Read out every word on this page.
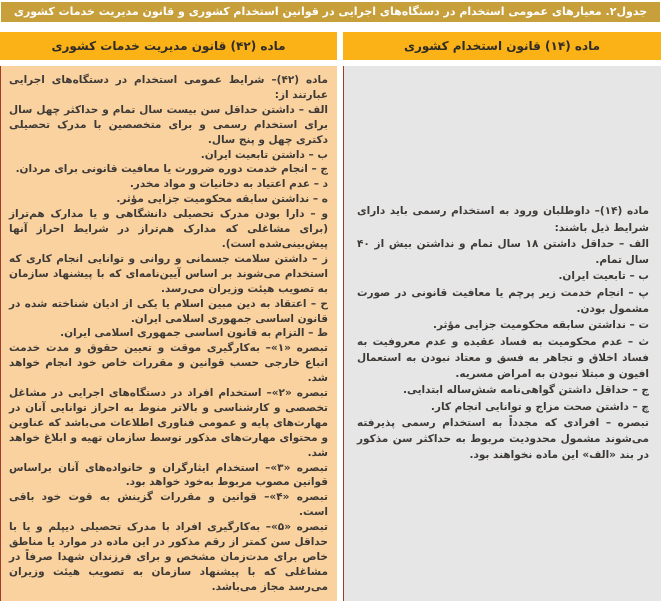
جدول۲. معیارهای عمومی استخدام در دستگاه‌های اجرایی در قوانین استخدام کشوری و قانون مدیریت خدمات کشوری
ماده (۱۴) قانون استخدام کشوری
ماده (۴۲) قانون مدیریت خدمات کشوری

ماده (۱۴)– داوطلبان ورود به استخدام رسمی باید دارای شرایط ذیل باشند:

الف – حداقل داشتن ۱۸ سال تمام و نداشتن بیش از ۴۰ سال تمام.

ب – تابعیت ایران.

پ – انجام خدمت زیر پرچم یا معافیت قانونی در صورت مشمول بودن.

ت – نداشتن سابقه محکومیت جزایی مؤثر.

ث – عدم محکومیت به فساد عقیده و عدم معروفیت به فساد اخلاق و تجاهر به فسق و معتاد نبودن به استعمال افیون و مبتلا نبودن به امراض مسریه.

ج – حداقل داشتن گواهی‌نامه شش‌ساله ابتدایی.

چ – داشتن صحت مزاج و توانایی انجام کار.

تبصره – افرادی که مجدداً به استخدام رسمی پذیرفته می‌شوند مشمول محدودیت مربوط به حداکثر سن مذکور در بند «الف» این ماده نخواهند بود.

ماده (۴۲)– شرایط عمومی استخدام در دستگاه‌های اجرایی عبارتند از:

الف – داشتن حداقل سن بیست سال تمام و حداکثر چهل سال برای استخدام رسمی و برای متخصصین با مدرک تحصیلی دکتری چهل و پنج سال.

ب – داشتن تابعیت ایران.

ج – انجام خدمت دوره ضرورت یا معافیت قانونی برای مردان.

د – عدم اعتیاد به دخانیات و مواد مخدر.

ه – نداشتن سابقه محکومیت جزایی مؤثر.

و – دارا بودن مدرک تحصیلی دانشگاهی و یا مدارک هم‌تراز (برای مشاغلی که مدارک هم‌تراز در شرایط احراز آنها پیش‌بینی‌شده است).

ز – داشتن سلامت جسمانی و روانی و توانایی انجام کاری که استخدام می‌شوند بر اساس آیین‌نامه‌ای که با پیشنهاد سازمان به تصویب هیئت وزیران می‌رسد.

ح – اعتقاد به دین مبین اسلام یا یکی از ادیان شناخته شده در قانون اساسی جمهوری اسلامی ایران.

ط – التزام به قانون اساسی جمهوری اسلامی ایران.

تبصره «۱»– به‌کارگیری موقت و تعیین حقوق و مدت خدمت اتباع خارجی حسب قوانین و مقررات خاص خود انجام خواهد شد.

تبصره «۲»– استخدام افراد در دستگاه‌های اجرایی در مشاغل تخصصی و کارشناسی و بالاتر منوط به احراز توانایی آنان در مهارت‌های پایه و عمومی فناوری اطلاعات می‌باشد که عناوین و محتوای مهارت‌های مذکور توسط سازمان تهیه و ابلاغ خواهد شد.

تبصره «۳»– استخدام ایثارگران و خانواده‌های آنان براساس قوانین مصوب مربوط به‌خود خواهد بود.

تبصره «۴»– قوانین و مقررات گزینش به قوت خود باقی است.

تبصره «۵»– به‌کارگیری افراد با مدرک تحصیلی دیپلم و یا با حداقل سن کمتر از رقم مذکور در این ماده در موارد یا مناطق خاص برای مدت‌زمان مشخص و برای فرزندان شهدا صرفاً در مشاغلی که با پیشنهاد سازمان به تصویب هیئت وزیران می‌رسد مجاز می‌باشد.
